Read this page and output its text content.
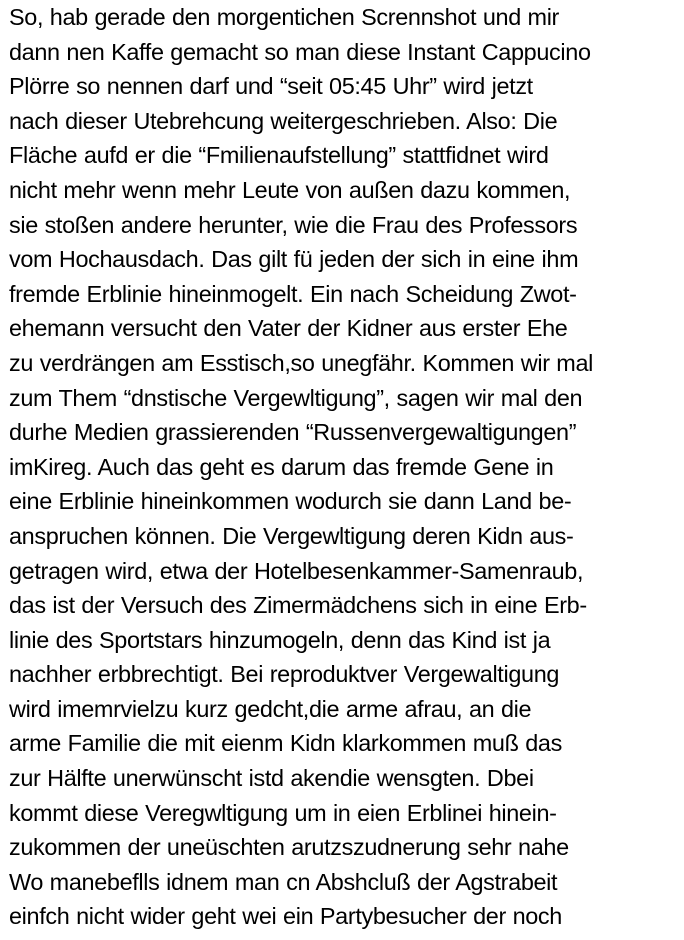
So, hab gerade den morgentichen Scrennshot und mir
dann nen Kaffe gemacht so man diese Instant Cappucino
Plörre so nennen darf und “seit 05:45 Uhr” wird jetzt
nach dieser Utebrehcung weitergeschrieben. Also: Die
Fläche aufd er die “Fmilienaufstellung” stattfidnet wird
nicht mehr wenn mehr Leute von außen dazu kommen,
sie stoßen andere herunter, wie die Frau des Professors
vom Hochausdach. Das gilt fü jeden der sich in eine ihm
fremde Erblinie hineinmogelt. Ein nach Scheidung Zwot-
ehemann versucht den Vater der Kidner aus erster Ehe
zu verdrängen am Esstisch,so unegfähr. Kommen wir mal
zum Them “dnstische Vergewltigung”, sagen wir mal den
durhe Medien grassierenden “Russenvergewaltigungen”
imKireg. Auch das geht es darum das fremde Gene in
eine Erblinie hineinkommen wodurch sie dann Land be-
anspruchen können. Die Vergewltigung deren Kidn aus-
getragen wird, etwa der Hotelbesenkammer-Samenraub,
das ist der Versuch des Zimermädchens sich in eine Erb-
linie des Sportstars hinzumogeln, denn das Kind ist ja
nachher erbbrechtigt. Bei reproduktver Vergewaltigung
wird imemrvielzu kurz gedcht,die arme afrau, an die
arme Familie die mit eienm Kidn klarkommen muß das
zur Hälfte unerwünscht istd akendie wensgten. Dbei
kommt diese Veregwltigung um in eien Erblinei hinein-
zukommen der uneüschten arutzszudnerung sehr nahe
Wo manebeflls idnem man cn Abshcluß der Agstrabeit
einfch nicht wider geht wei ein Partybesucher der noch
